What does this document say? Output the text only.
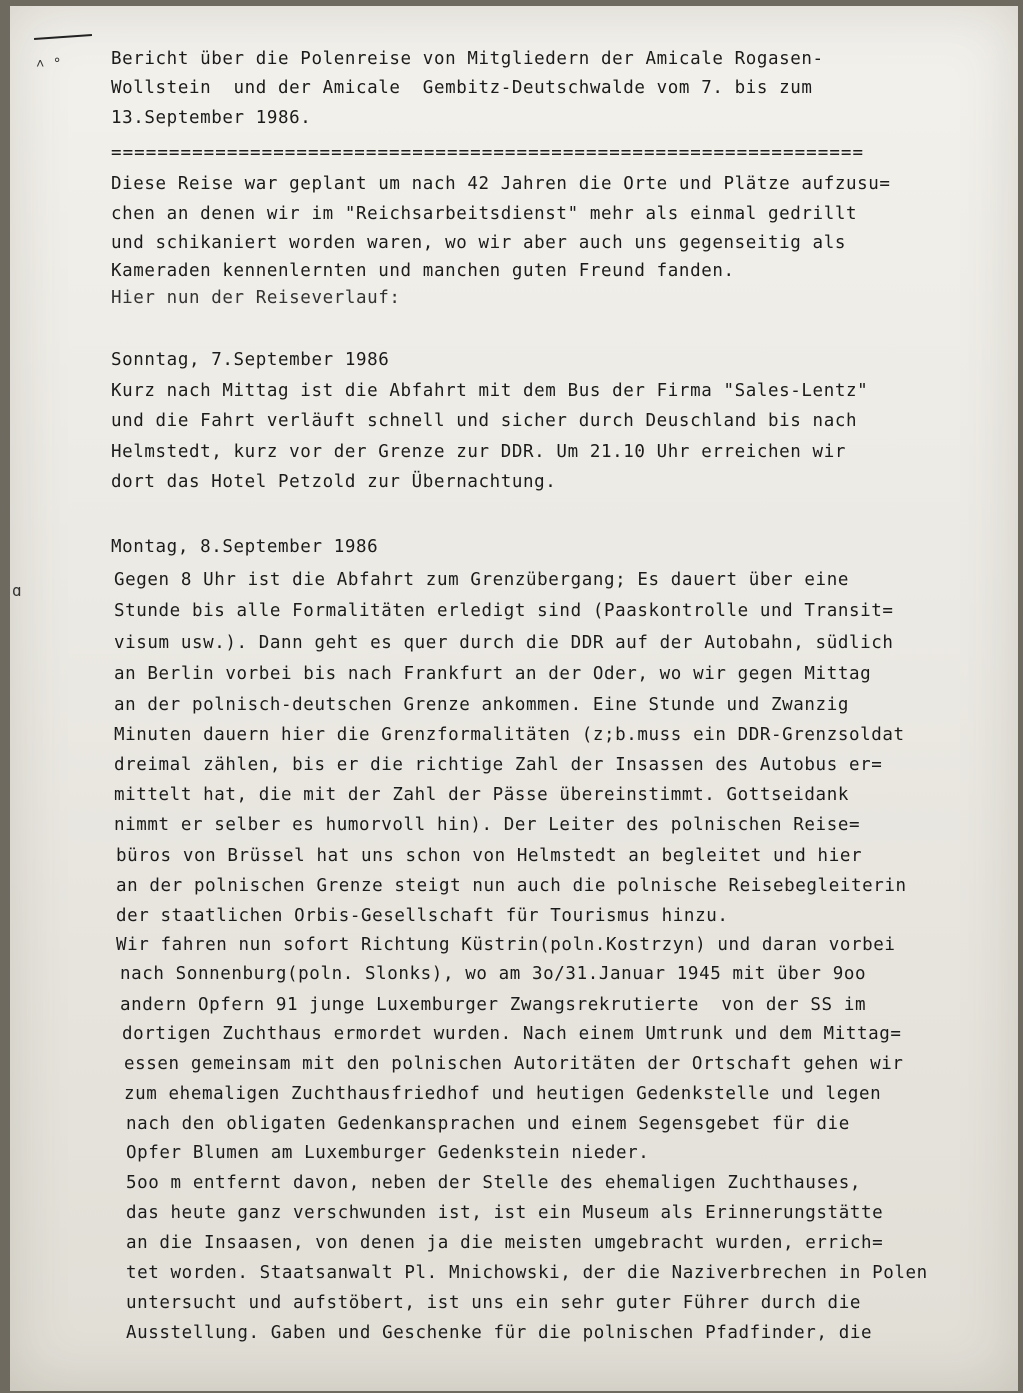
˄ °
ɑ
Bericht über die Polenreise von Mitgliedern der Amicale Rogasen-
Wollstein  und der Amicale  Gembitz-Deutschwalde vom 7. bis zum
13.September 1986.
=================================================================
Diese Reise war geplant um nach 42 Jahren die Orte und Plätze aufzusu=
chen an denen wir im "Reichsarbeitsdienst" mehr als einmal gedrillt
und schikaniert worden waren, wo wir aber auch uns gegenseitig als
Kameraden kennenlernten und manchen guten Freund fanden.
Hier nun der Reiseverlauf:
Sonntag, 7.September 1986
Kurz nach Mittag ist die Abfahrt mit dem Bus der Firma "Sales-Lentz"
und die Fahrt verläuft schnell und sicher durch Deuschland bis nach
Helmstedt, kurz vor der Grenze zur DDR. Um 21.10 Uhr erreichen wir
dort das Hotel Petzold zur Übernachtung.
Montag, 8.September 1986
Gegen 8 Uhr ist die Abfahrt zum Grenzübergang; Es dauert über eine
Stunde bis alle Formalitäten erledigt sind (Paaskontrolle und Transit=
visum usw.). Dann geht es quer durch die DDR auf der Autobahn, südlich
an Berlin vorbei bis nach Frankfurt an der Oder, wo wir gegen Mittag
an der polnisch-deutschen Grenze ankommen. Eine Stunde und Zwanzig
Minuten dauern hier die Grenzformalitäten (z;b.muss ein DDR-Grenzsoldat
dreimal zählen, bis er die richtige Zahl der Insassen des Autobus er=
mittelt hat, die mit der Zahl der Pässe übereinstimmt. Gottseidank
nimmt er selber es humorvoll hin). Der Leiter des polnischen Reise=
büros von Brüssel hat uns schon von Helmstedt an begleitet und hier
an der polnischen Grenze steigt nun auch die polnische Reisebegleiterin
der staatlichen Orbis-Gesellschaft für Tourismus hinzu.
Wir fahren nun sofort Richtung Küstrin(poln.Kostrzyn) und daran vorbei
nach Sonnenburg(poln. Slonks), wo am 3o/31.Januar 1945 mit über 9oo
andern Opfern 91 junge Luxemburger Zwangsrekrutierte  von der SS im
dortigen Zuchthaus ermordet wurden. Nach einem Umtrunk und dem Mittag=
essen gemeinsam mit den polnischen Autoritäten der Ortschaft gehen wir
zum ehemaligen Zuchthausfriedhof und heutigen Gedenkstelle und legen
nach den obligaten Gedenkansprachen und einem Segensgebet für die
Opfer Blumen am Luxemburger Gedenkstein nieder.
5oo m entfernt davon, neben der Stelle des ehemaligen Zuchthauses,
das heute ganz verschwunden ist, ist ein Museum als Erinnerungstätte
an die Insaasen, von denen ja die meisten umgebracht wurden, errich=
tet worden. Staatsanwalt Pl. Mnichowski, der die Naziverbrechen in Polen
untersucht und aufstöbert, ist uns ein sehr guter Führer durch die
Ausstellung. Gaben und Geschenke für die polnischen Pfadfinder, die
